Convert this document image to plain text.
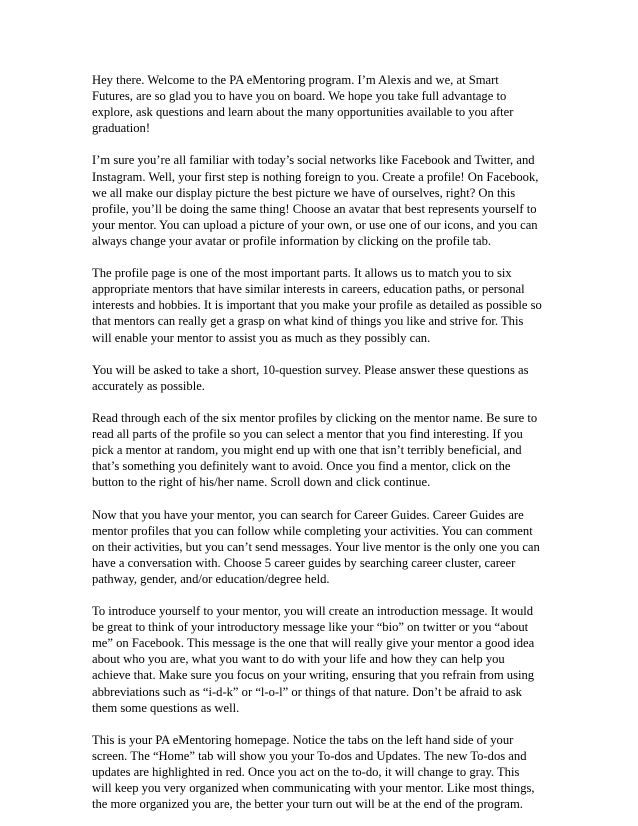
Hey there. Welcome to the PA eMentoring program. I’m Alexis and we, at Smart
Futures, are so glad you to have you on board. We hope you take full advantage to
explore, ask questions and learn about the many opportunities available to you after
graduation!

I’m sure you’re all familiar with today’s social networks like Facebook and Twitter, and
Instagram. Well, your first step is nothing foreign to you. Create a profile! On Facebook,
we all make our display picture the best picture we have of ourselves, right? On this
profile, you’ll be doing the same thing! Choose an avatar that best represents yourself to
your mentor. You can upload a picture of your own, or use one of our icons, and you can
always change your avatar or profile information by clicking on the profile tab.

The profile page is one of the most important parts. It allows us to match you to six
appropriate mentors that have similar interests in careers, education paths, or personal
interests and hobbies. It is important that you make your profile as detailed as possible so
that mentors can really get a grasp on what kind of things you like and strive for. This
will enable your mentor to assist you as much as they possibly can.

You will be asked to take a short, 10-question survey. Please answer these questions as
accurately as possible.

Read through each of the six mentor profiles by clicking on the mentor name. Be sure to
read all parts of the profile so you can select a mentor that you find interesting. If you
pick a mentor at random, you might end up with one that isn’t terribly beneficial, and
that’s something you definitely want to avoid. Once you find a mentor, click on the
button to the right of his/her name. Scroll down and click continue.

Now that you have your mentor, you can search for Career Guides. Career Guides are
mentor profiles that you can follow while completing your activities. You can comment
on their activities, but you can’t send messages. Your live mentor is the only one you can
have a conversation with. Choose 5 career guides by searching career cluster, career
pathway, gender, and/or education/degree held.

To introduce yourself to your mentor, you will create an introduction message. It would
be great to think of your introductory message like your “bio” on twitter or you “about
me” on Facebook. This message is the one that will really give your mentor a good idea
about who you are, what you want to do with your life and how they can help you
achieve that. Make sure you focus on your writing, ensuring that you refrain from using
abbreviations such as “i-d-k” or “l-o-l” or things of that nature. Don’t be afraid to ask
them some questions as well.

This is your PA eMentoring homepage. Notice the tabs on the left hand side of your
screen. The “Home” tab will show you your To-dos and Updates. The new To-dos and
updates are highlighted in red. Once you act on the to-do, it will change to gray. This
will keep you very organized when communicating with your mentor. Like most things,
the more organized you are, the better your turn out will be at the end of the program.
